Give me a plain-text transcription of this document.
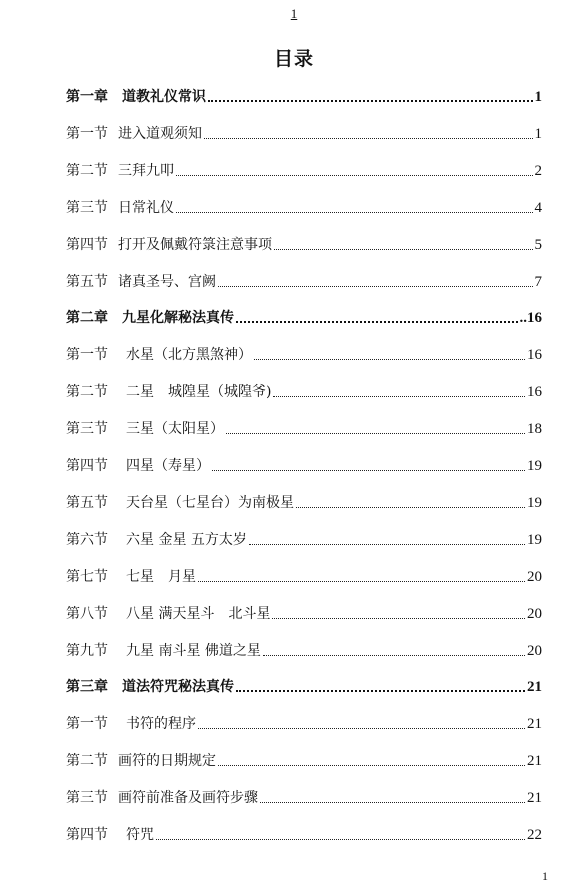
1
目录
第一章 道教礼仪常识	1
第一节 进入道观须知	1
第二节 三拜九叩	2
第三节 日常礼仪	4
第四节 打开及佩戴符箓注意事项	5
第五节 诸真圣号、宫阙	7
第二章 九星化解秘法真传	..16
第一节 水星（北方黑煞神）	16
第二节 二星　城隍星（城隍爷)	16
第三节 三星（太阳星）	18
第四节 四星（寿星）	19
第五节 天台星（七星台）为南极星	19
第六节 六星 金星 五方太岁	19
第七节 七星　月星	20
第八节 八星 满天星斗　北斗星	20
第九节 九星 南斗星 佛道之星	20
第三章 道法符咒秘法真传	21
第一节 书符的程序	21
第二节 画符的日期规定	21
第三节 画符前准备及画符步骤	21
第四节 符咒	22
1
